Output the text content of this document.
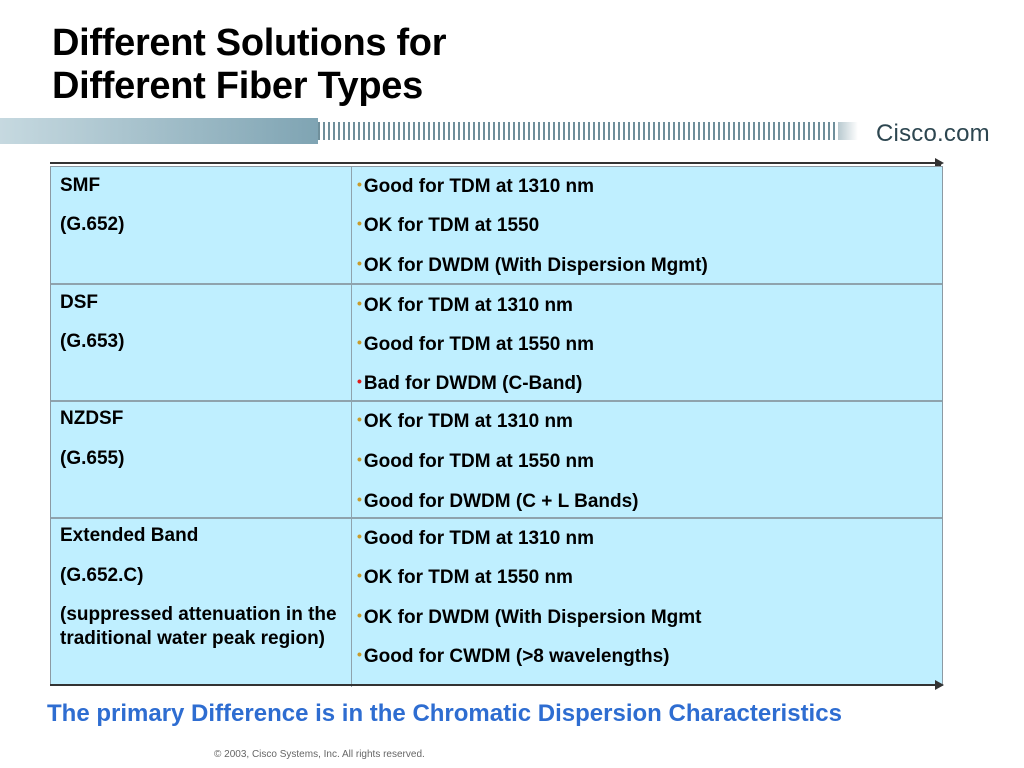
Different Solutions for
Different Fiber Types
Cisco.com
SMF
(G.652)
• Good for TDM at 1310 nm
• OK for TDM at 1550
• OK for DWDM (With Dispersion Mgmt)
DSF
(G.653)
• OK for TDM at 1310 nm
• Good for TDM at 1550 nm
• Bad for DWDM (C-Band)
NZDSF
(G.655)
• OK for TDM at 1310 nm
• Good for TDM at 1550 nm
• Good for DWDM (C + L Bands)
Extended Band
(G.652.C)
(suppressed attenuation in the traditional water peak region)
• Good for TDM at 1310 nm
• OK for TDM at 1550 nm
• OK for DWDM (With Dispersion Mgmt
• Good for CWDM (>8 wavelengths)

The primary Difference is in the Chromatic Dispersion Characteristics

© 2003, Cisco Systems, Inc. All rights reserved.
